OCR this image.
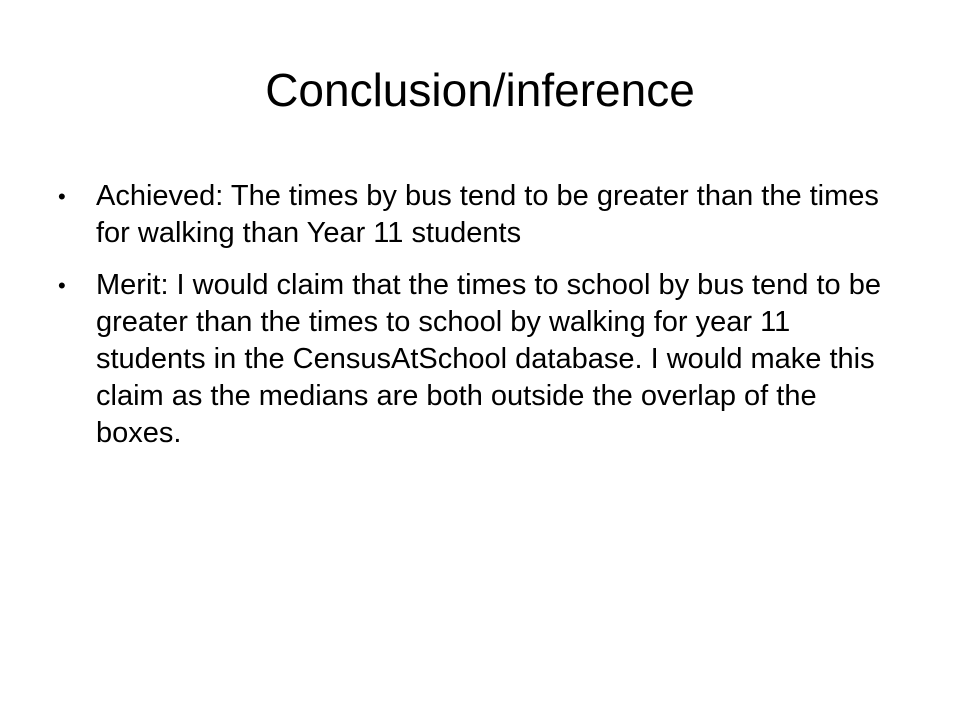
Conclusion/inference
•	Achieved: The times by bus tend to be greater than the times for walking than Year 11 students
•	Merit: I would claim that the times to school by bus tend to be greater than the times to school by walking for year 11 students in the CensusAtSchool database. I would make this claim as the medians are both outside the overlap of the boxes.
